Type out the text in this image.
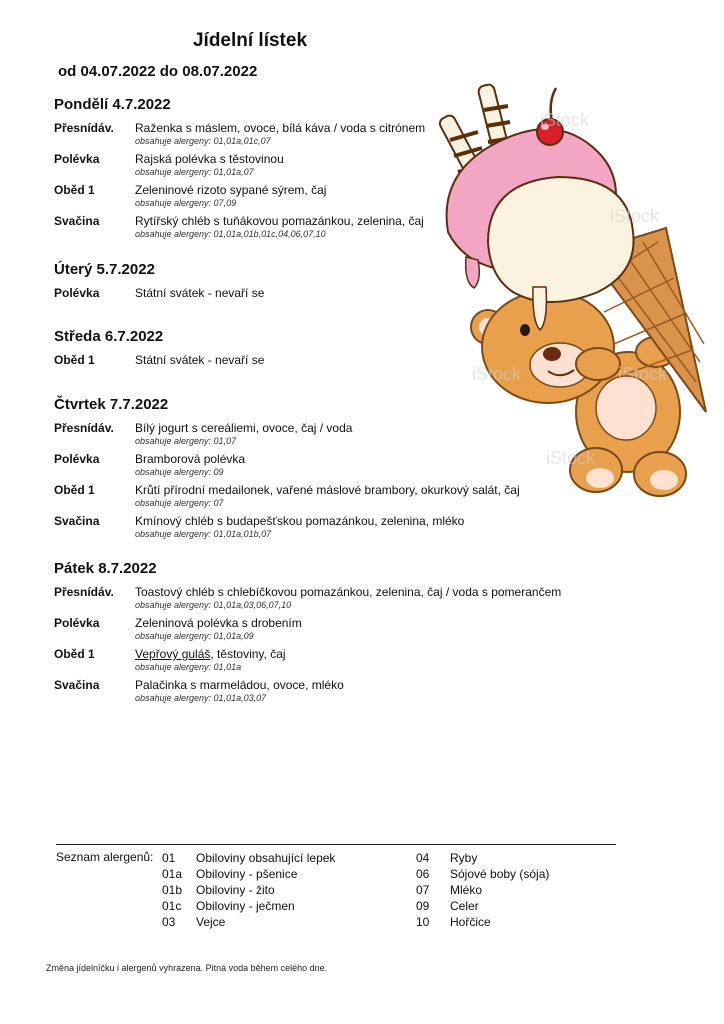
Jídelní lístek
od 04.07.2022 do 08.07.2022
Pondělí 4.7.2022
Přesnídáv. Raženka s máslem, ovoce, bílá káva / voda s citrónem
obsahuje alergeny: 01,01a,01c,07
Polévka	Rajská polévka s těstovinou
obsahuje alergeny: 01,01a,07
Oběd 1	Zeleninové rizoto sypané sýrem, čaj
obsahuje alergeny: 07,09
Svačina	Rytířský chléb s tuňákovou pomazánkou, zelenina, čaj
obsahuje alergeny: 01,01a,01b,01c,04,06,07,10
Úterý 5.7.2022
Polévka	Státní svátek - nevaří se
Středa 6.7.2022
Oběd 1	Státní svátek - nevaří se
Čtvrtek 7.7.2022
Přesnídáv. Bílý jogurt s cereáliemi, ovoce, čaj / voda
obsahuje alergeny: 01,07
Polévka	Bramborová polévka
obsahuje alergeny: 09
Oběd 1	Krůtí přírodní medailonek, vařené máslové brambory, okurkový salát, čaj
obsahuje alergeny: 07
Svačina	Kmínový chléb s budapešťskou pomazánkou, zelenina, mléko
obsahuje alergeny: 01,01a,01b,07
Pátek 8.7.2022
Přesnídáv. Toastový chléb s chlebíčkovou pomazánkou, zelenina, čaj / voda s pomerančem
obsahuje alergeny: 01,01a,03,06,07,10
Polévka	Zeleninová polévka s drobením
obsahuje alergeny: 01,01a,09
Oběd 1	Vepřový guláš, těstoviny, čaj
obsahuje alergeny: 01,01a
Svačina	Palačinka s marmeládou, ovoce, mléko
obsahuje alergeny: 01,01a,03,07
iStock
iStock
iStock	iStock
iStock
Seznam alergenů: 01 Obiloviny obsahující lepek
01a Obiloviny - pšenice
01b Obiloviny - žito
01c Obiloviny - ječmen
03 Vejce
04 Ryby
06 Sójové boby (sója)
07 Mléko
09 Celer
10 Hořčice
Změna jídelníčku i alergenů vyhrazena. Pitná voda během celého dne.
